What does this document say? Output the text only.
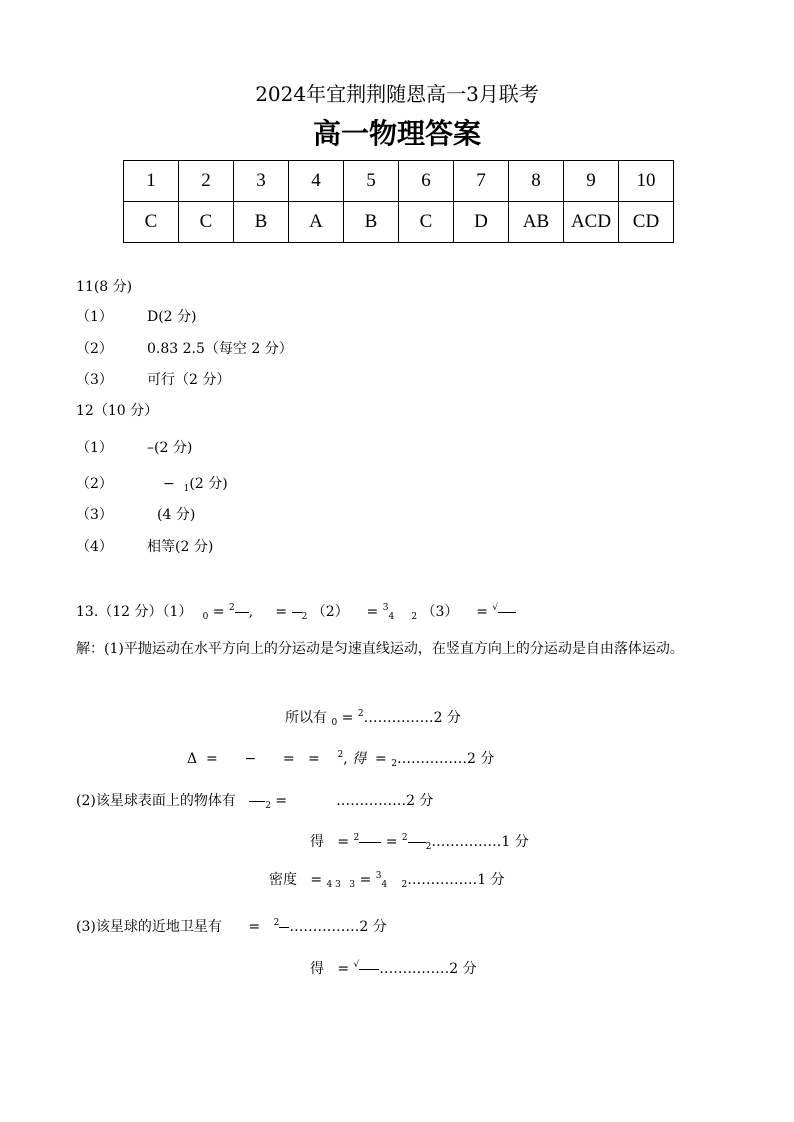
2024年宜荆荆随恩高一3月联考
高一物理答案
1	2	3	4	5	6	7	8	9	10
C	C	B	A	B	C	D	AB	ACD	CD
11(8 分)
（1） D(2 分)
（2） 0.83 2.5（每空 2 分）
（3） 可行（2 分）
12（10 分）
（1） –(2 分)
（2）	−  $_1$(2 分)
（3）	(4 分)
（4） 相等(2 分)
13.（12 分）（1）   $_0$ = $^2$ ,     = $_2$ （2）    = $^3_{4 2}$ （3）    = √
解：(1)平抛运动在水平方向上的分运动是匀速直线运动，在竖直方向上的分运动是自由落体运动。
所以有 $_0$ = $^2$……………2 分
Δ  =      −      =   =    $^2$, 得  = $_2$……………2 分
(2)该星球表面上的物体有	$_2$ =           ……………2 分
得   = $^2$ = $^2_2$……………1 分
密度   = $_{4 3 3}$ = $^3_{4 2}$……………1 分
(3)该星球的近地卫星有      =   $^2$ ……………2 分
得   = √ ……………2 分
